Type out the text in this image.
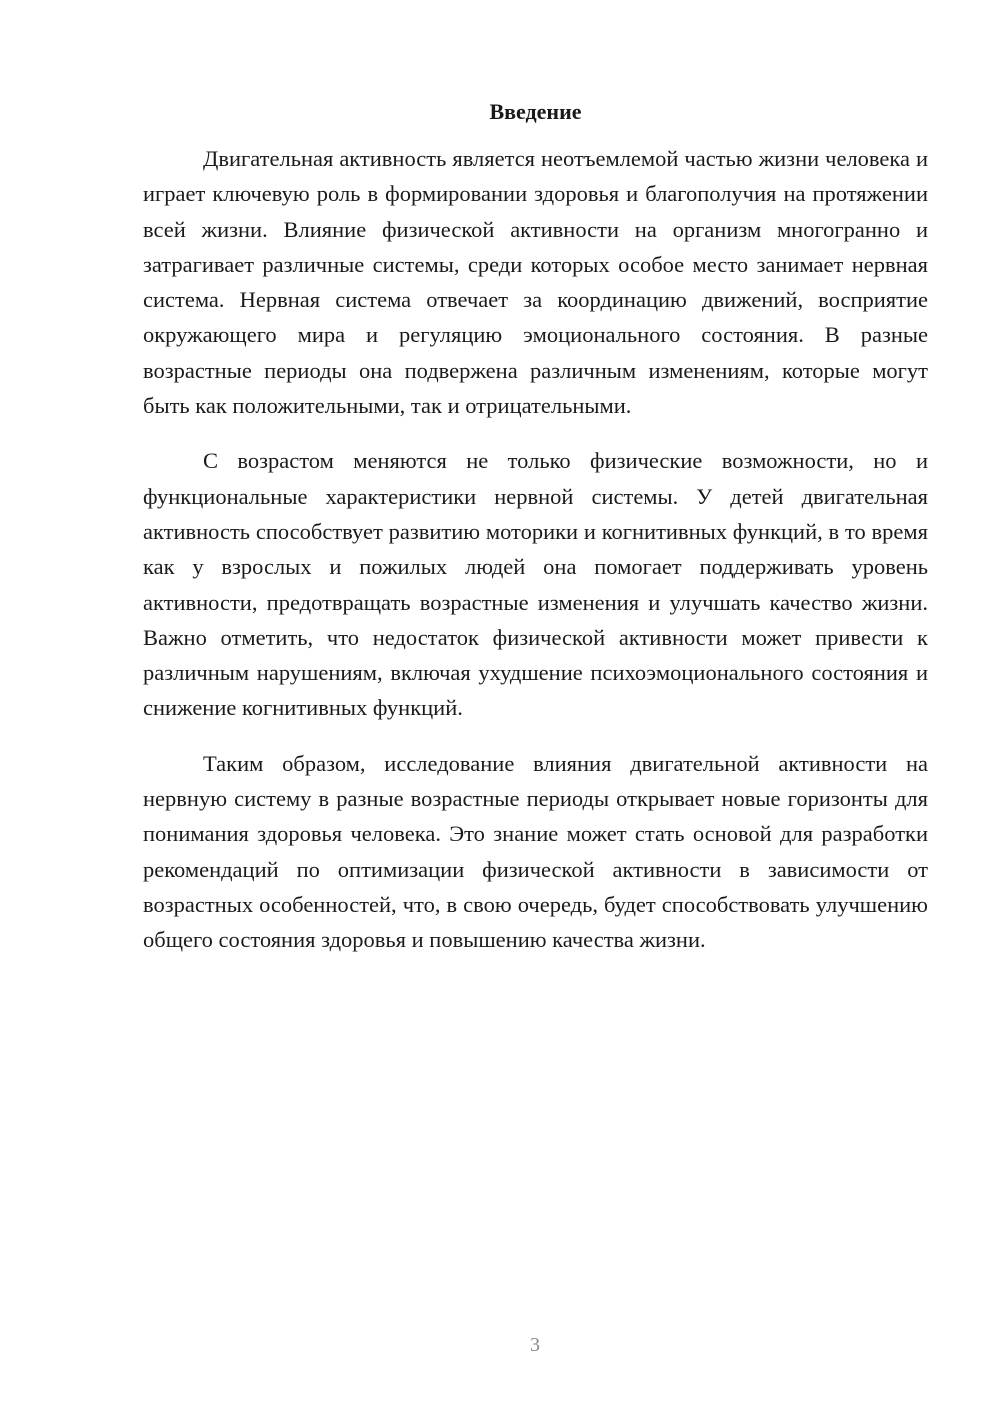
Введение

Двигательная активность является неотъемлемой частью жизни человека и играет ключевую роль в формировании здоровья и благополучия на протяжении всей жизни. Влияние физической активности на организм многогранно и затрагивает различные системы, среди которых особое место занимает нервная система. Нервная система отвечает за координацию движений, восприятие окружающего мира и регуляцию эмоционального состояния. В разные возрастные периоды она подвержена различным изменениям, которые могут быть как положительными, так и отрицательными.

С возрастом меняются не только физические возможности, но и функциональные характеристики нервной системы. У детей двигательная активность способствует развитию моторики и когнитивных функций, в то время как у взрослых и пожилых людей она помогает поддерживать уровень активности, предотвращать возрастные изменения и улучшать качество жизни. Важно отметить, что недостаток физической активности может привести к различным нарушениям, включая ухудшение психоэмоционального состояния и снижение когнитивных функций.

Таким образом, исследование влияния двигательной активности на нервную систему в разные возрастные периоды открывает новые горизонты для понимания здоровья человека. Это знание может стать основой для разработки рекомендаций по оптимизации физической активности в зависимости от возрастных особенностей, что, в свою очередь, будет способствовать улучшению общего состояния здоровья и повышению качества жизни.

3
